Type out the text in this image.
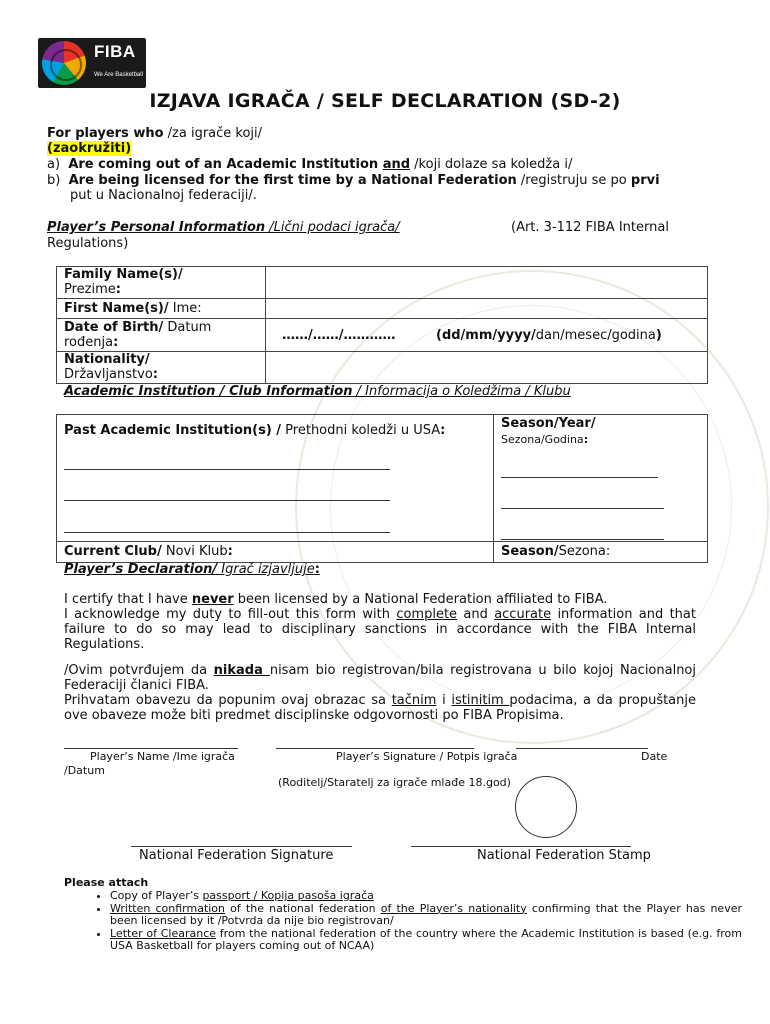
FIBA
We Are Basketball
IZJAVA IGRAČA / SELF DECLARATION (SD-2)
For players who /za igrače koji/
(zaokružiti)
a) Are coming out of an Academic Institution and /koji dolaze sa koledža i/
b) Are being licensed for the first time by a National Federation /registruju se po prvi
put u Nacionalnoj federaciji/.
Player’s Personal Information /Lični podaci igrača/	(Art. 3-112 FIBA Internal
Regulations)
Family Name(s)/
Prezime:
First Name(s)/ Ime:
Date of Birth/ Datum
rođenja:	……/……/…………	(dd/mm/yyyy/dan/mesec/godina)
Nationality/
Državljanstvo:
Academic Institution / Club Information / Informacija o Koledžima / Klubu
Past Academic Institution(s) / Prethodni koledži u USA:	Season/Year/
Sezona/Godina:
Current Club/ Novi Klub:	Season/Sezona:
Player’s Declaration/ Igrač izjavljuje:
I certify that I have never been licensed by a National Federation affiliated to FIBA.
I acknowledge my duty to fill-out this form with complete and accurate information and that failure to do so may lead to disciplinary sanctions in accordance with the FIBA Internal Regulations.
/Ovim potvrđujem da nikada nisam bio registrovan/bila registrovana u bilo kojoj Nacionalnoj Federaciji članici FIBA.
Prihvatam obavezu da popunim ovaj obrazac sa tačnim i istinitim podacima, a da propuštanje ove obaveze može biti predmet disciplinske odgovornosti po FIBA Propisima.
Player’s Name /Ime igrača
/Datum
Player’s Signature / Potpis igrača	Date
(Roditelj/Staratelj za igrače mlađe 18.god)
National Federation Signature	National Federation Stamp
Please attach
• Copy of Player’s passport / Kopija pasoša igrača
• Written confirmation of the national federation of the Player’s nationality confirming that the Player has never been licensed by it /Potvrda da nije bio registrovan/
• Letter of Clearance from the national federation of the country where the Academic Institution is based (e.g. from USA Basketball for players coming out of NCAA)
